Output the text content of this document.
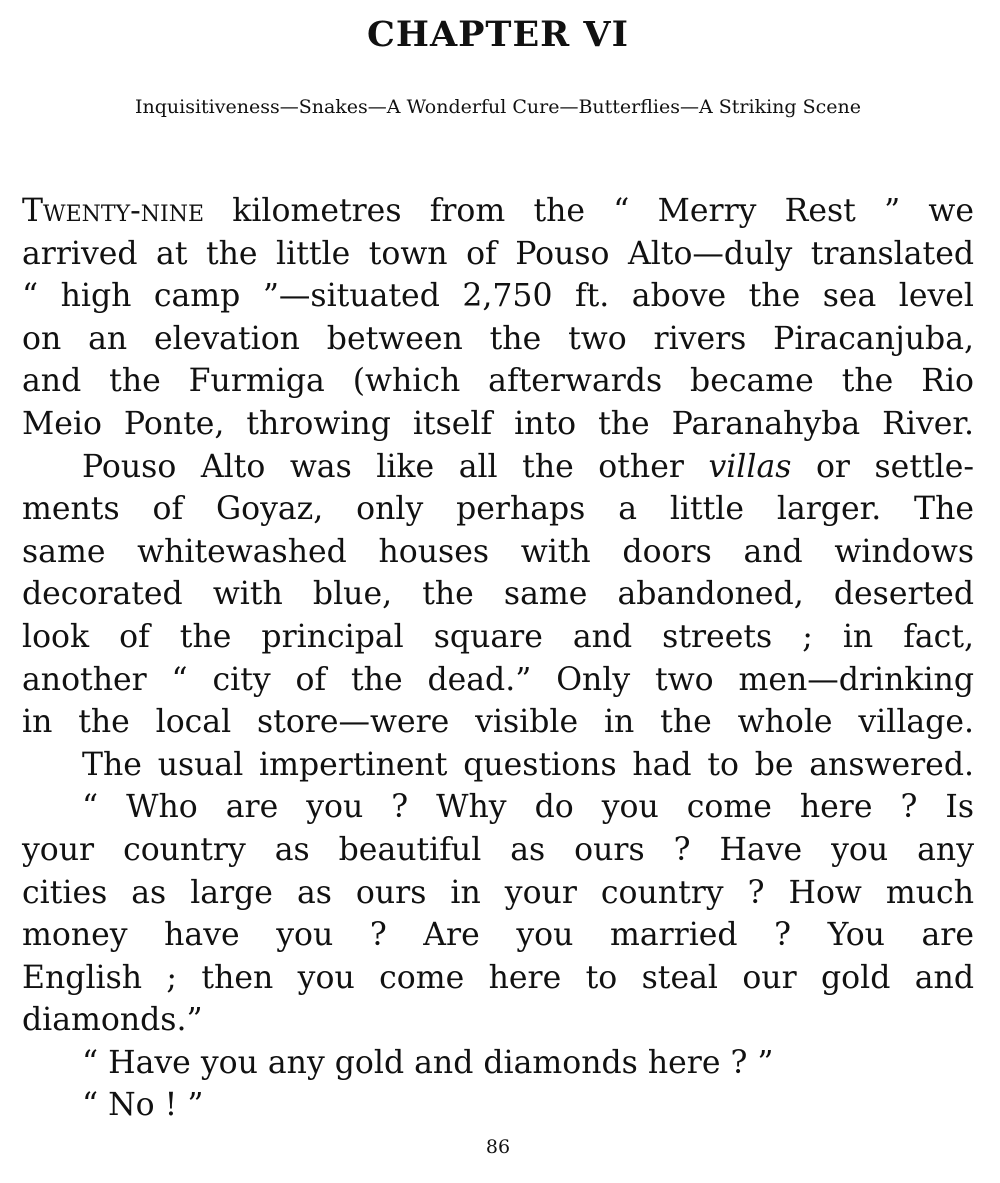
CHAPTER VI

Inquisitiveness—Snakes—A Wonderful Cure—Butterflies—A Striking Scene

Twenty-nine kilometres from the “ Merry Rest ” we
arrived at the little town of Pouso Alto—duly translated
“ high camp ”—situated 2,750 ft. above the sea level
on an elevation between the two rivers Piracanjuba,
and the Furmiga (which afterwards became the Rio
Meio Ponte, throwing itself into the Paranahyba River.
Pouso Alto was like all the other villas or settle-
ments of Goyaz, only perhaps a little larger. The
same whitewashed houses with doors and windows
decorated with blue, the same abandoned, deserted
look of the principal square and streets ; in fact,
another “ city of the dead.” Only two men—drinking
in the local store—were visible in the whole village.
The usual impertinent questions had to be answered.
“ Who are you ? Why do you come here ? Is
your country as beautiful as ours ? Have you any
cities as large as ours in your country ? How much
money have you ? Are you married ? You are
English ; then you come here to steal our gold and
diamonds.”
“ Have you any gold and diamonds here ? ”
“ No ! ”
86
